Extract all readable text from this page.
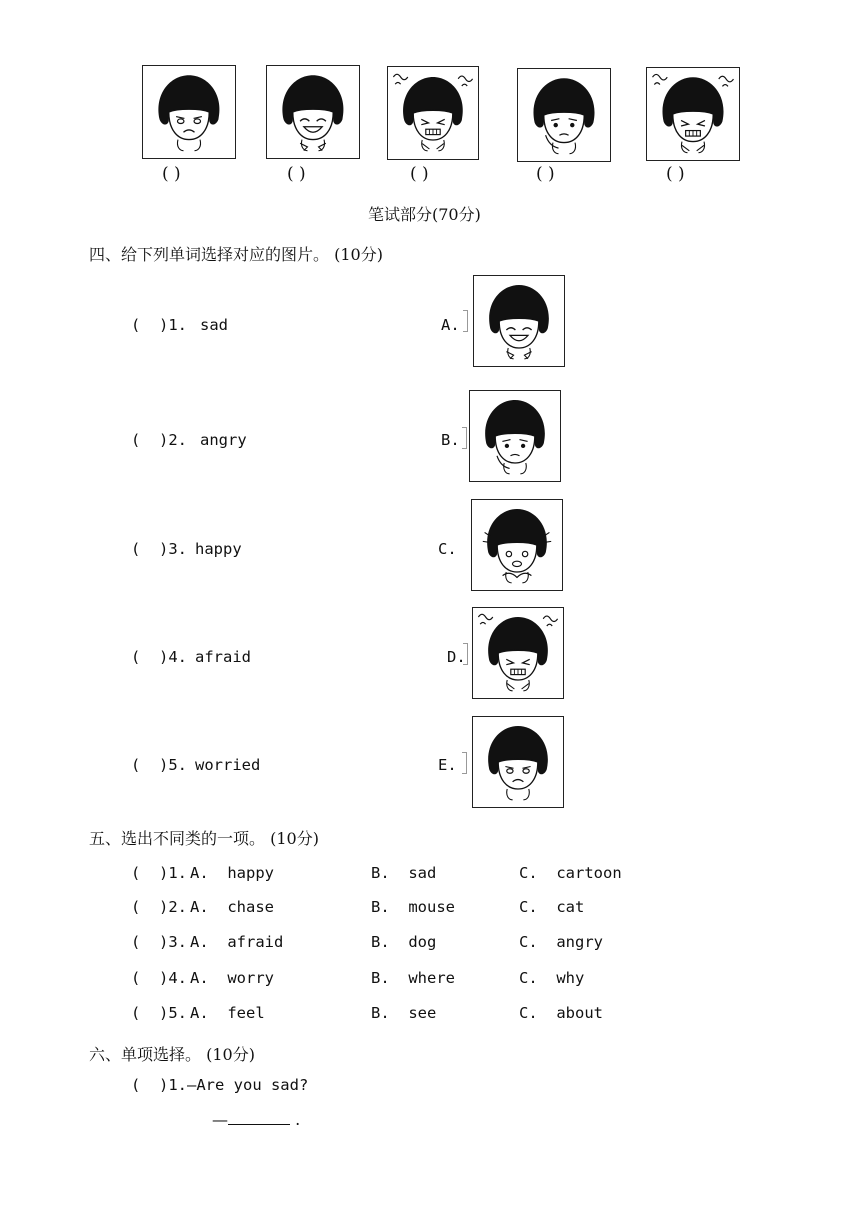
( )	( )	( )	( )	( )
笔试部分(70分)
四、给下列单词选择对应的图片。 (10分)
(  )1. sad	A.
(  )2. angry	B.
(  )3. happy	C.
(  )4. afraid	D.
(  )5. worried	E.
五、选出不同类的一项。 (10分)
(  )1. A.  happy	B.  sad	C.  cartoon
(  )2. A.  chase	B.  mouse	C.  cat
(  )3. A.  afraid	B.  dog	C.  angry
(  )4. A.  worry	B.  where	C.  why
(  )5. A.  feel	B.  see	C.  about
六、单项选择。 (10分)
(  )1.—Are you sad?
—	.
